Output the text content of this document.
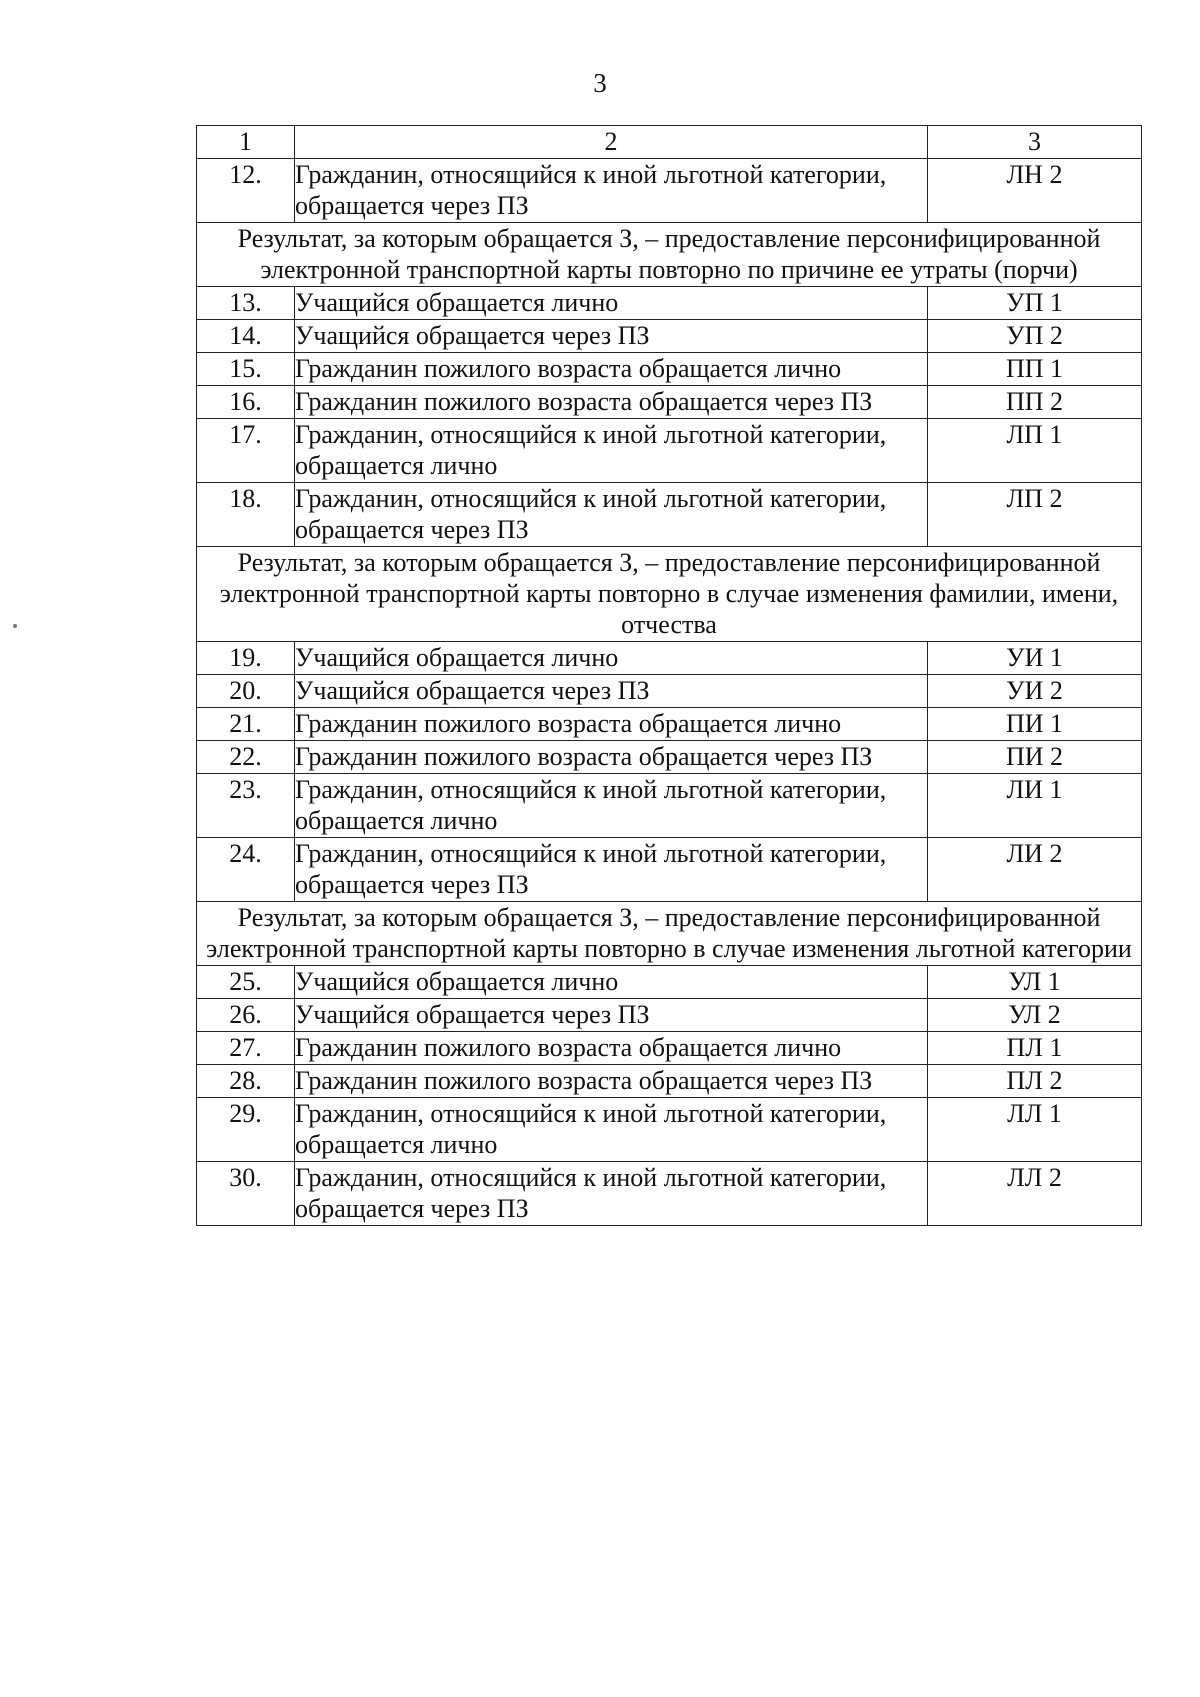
3
1	2	3
12.	Гражданин, относящийся к иной льготной категории, обращается через ПЗ	ЛН 2
Результат, за которым обращается З, – предоставление персонифицированной электронной транспортной карты повторно по причине ее утраты (порчи)		
13.	Учащийся обращается лично	УП 1
14.	Учащийся обращается через ПЗ	УП 2
15.	Гражданин пожилого возраста обращается лично	ПП 1
16.	Гражданин пожилого возраста обращается через ПЗ	ПП 2
17.	Гражданин, относящийся к иной льготной категории, обращается лично	ЛП 1
18.	Гражданин, относящийся к иной льготной категории, обращается через ПЗ	ЛП 2
Результат, за которым обращается З, – предоставление персонифицированной электронной транспортной карты повторно в случае изменения фамилии, имени, отчества		
19.	Учащийся обращается лично	УИ 1
20.	Учащийся обращается через ПЗ	УИ 2
21.	Гражданин пожилого возраста обращается лично	ПИ 1
22.	Гражданин пожилого возраста обращается через ПЗ	ПИ 2
23.	Гражданин, относящийся к иной льготной категории, обращается лично	ЛИ 1
24.	Гражданин, относящийся к иной льготной категории, обращается через ПЗ	ЛИ 2
Результат, за которым обращается З, – предоставление персонифицированной электронной транспортной карты повторно в случае изменения льготной категории		
25.	Учащийся обращается лично	УЛ 1
26.	Учащийся обращается через ПЗ	УЛ 2
27.	Гражданин пожилого возраста обращается лично	ПЛ 1
28.	Гражданин пожилого возраста обращается через ПЗ	ПЛ 2
29.	Гражданин, относящийся к иной льготной категории, обращается лично	ЛЛ 1
30.	Гражданин, относящийся к иной льготной категории, обращается через ПЗ	ЛЛ 2
